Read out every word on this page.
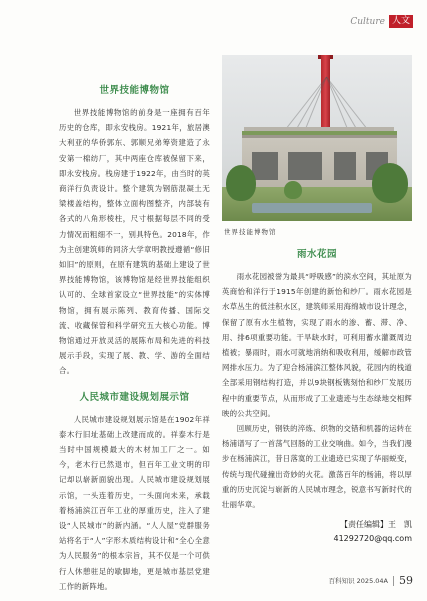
Culture 人文
世界技能博物馆

世界技能博物馆的前身是一座拥有百年历史的仓库，即永安栈房。1921年，旅居澳大利亚的华侨郭东、郭顺兄弟筹资建造了永安第一棉纺厂，其中两座仓库被保留下来，即永安栈房。栈房建于1922年，由当时的英商洋行负责设计。整个建筑为钢筋混凝土无梁楼盖结构，整体立面构图整齐，内部装有各式的八角形棱柱，尺寸根据每层不同的受力情况而粗细不一，别具特色。2018年，作为主创建筑师的同济大学章明教授遵循“修旧如旧”的原则，在原有建筑的基础上建设了世界技能博物馆，该博物馆是经世界技能组织认可的、全球首家设立“世界技能”的实体博物馆，拥有展示陈列、教育传播、国际交流、收藏保管和科学研究五大核心功能。博物馆通过开放灵活的展陈布局和先进的科技展示手段，实现了展、教、学、游的全面结合。

人民城市建设规划展示馆

人民城市建设规划展示馆是在1902年祥泰木行旧址基础上改建而成的。祥泰木行是当时中国规模最大的木材加工厂之一。如今，老木行已然退市，但百年工业文明的印记却以崭新面貌出现。人民城市建设规划展示馆，一头连着历史，一头面向未来，承载着杨浦滨江百年工业的厚重历史，注入了建设“人民城市”的新内涵。“人人屋”党群服务站将名于“人”字形木质结构设计和“全心全意为人民服务”的根本宗旨，其不仅是一个可供行人休憩驻足的歇脚地，更是城市基层党建工作的新阵地。

世界技能博物馆
雨水花园

雨水花园被誉为最具“呼吸感”的滨水空间，其址原为英商怡和洋行于1915年创建的新怡和纱厂。雨水花园是水草丛生的低洼积水区，建筑师采用海绵城市设计理念，保留了原有水生植物，实现了雨水的渗、蓄、滞、净、用、排6项重要功能。干旱缺水时，可利用蓄水灌溉周边植被；暴雨时，雨水可就地消纳和吸收利用，缓解市政管网排水压力。为了迎合杨浦滨江整体风貌，花园内的栈道全部采用钢结构打造，并以9块钢板镌刻怡和纱厂发展历程中的重要节点，从而形成了工业遗迹与生态绿地交相辉映的公共空间。

回顾历史，钢铁的淬炼、织物的交错和机器的运转在杨浦谱写了一首荡气回肠的工业交响曲。如今，当我们漫步在杨浦滨江，昔日落寞的工业遗迹已实现了华丽蜕变，传统与现代碰撞出奇妙的火花。激荡百年的杨浦，将以厚重的历史沉淀与崭新的人民城市理念，锐意书写新时代的壮丽华章。

【责任编辑】王　凯
41292720@qq.com
百科知识 2025.04A 59
